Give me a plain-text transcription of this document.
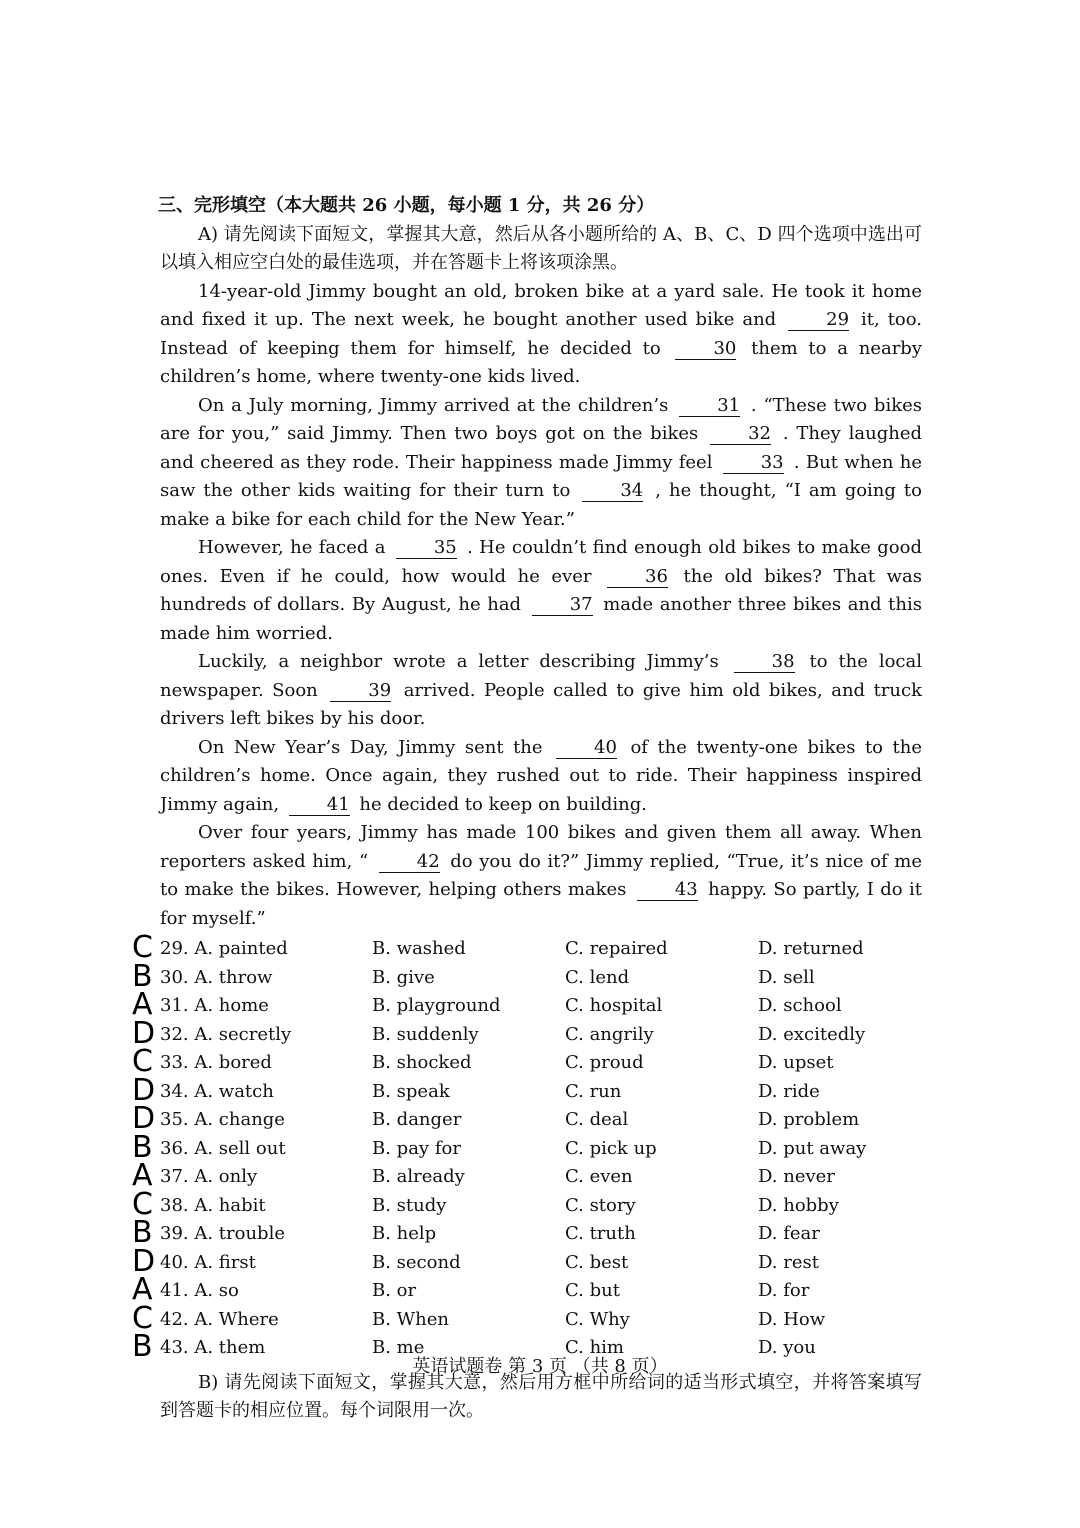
三、完形填空（本大题共 26 小题，每小题 1 分，共 26 分）
A) 请先阅读下面短文，掌握其大意，然后从各小题所给的 A、B、C、D 四个选项中选出可以填入相应空白处的最佳选项，并在答题卡上将该项涂黑。
14-year-old Jimmy bought an old, broken bike at a yard sale. He took it home and fixed it up. The next week, he bought another used bike and 29 it, too. Instead of keeping them for himself, he decided to 30 them to a nearby children’s home, where twenty-one kids lived.
On a July morning, Jimmy arrived at the children’s 31 . “These two bikes are for you,” said Jimmy. Then two boys got on the bikes 32 . They laughed and cheered as they rode. Their happiness made Jimmy feel 33 . But when he saw the other kids waiting for their turn to 34 , he thought, “I am going to make a bike for each child for the New Year.”
However, he faced a 35 . He couldn’t find enough old bikes to make good ones. Even if he could, how would he ever 36 the old bikes? That was hundreds of dollars. By August, he had 37 made another three bikes and this made him worried.
Luckily, a neighbor wrote a letter describing Jimmy’s 38 to the local newspaper. Soon 39 arrived. People called to give him old bikes, and truck drivers left bikes by his door.
On New Year’s Day, Jimmy sent the 40 of the twenty-one bikes to the children’s home. Once again, they rushed out to ride. Their happiness inspired Jimmy again, 41 he decided to keep on building.
Over four years, Jimmy has made 100 bikes and given them all away. When reporters asked him, “ 42 do you do it?” Jimmy replied, “True, it’s nice of me to make the bikes. However, helping others makes 43 happy. So partly, I do it for myself.”
C 29. A. painted	B. washed	C. repaired	D. returned
B 30. A. throw	B. give	C. lend	D. sell
A 31. A. home	B. playground	C. hospital	D. school
D 32. A. secretly	B. suddenly	C. angrily	D. excitedly
C 33. A. bored	B. shocked	C. proud	D. upset
D 34. A. watch	B. speak	C. run	D. ride
D 35. A. change	B. danger	C. deal	D. problem
B 36. A. sell out	B. pay for	C. pick up	D. put away
A 37. A. only	B. already	C. even	D. never
C 38. A. habit	B. study	C. story	D. hobby
B 39. A. trouble	B. help	C. truth	D. fear
D 40. A. first	B. second	C. best	D. rest
A 41. A. so	B. or	C. but	D. for
C 42. A. Where	B. When	C. Why	D. How
B 43. A. them	B. me	C. him	D. you
B) 请先阅读下面短文，掌握其大意，然后用方框中所给词的适当形式填空，并将答案填写到答题卡的相应位置。每个词限用一次。
英语试题卷 第 3 页 （共 8 页）
